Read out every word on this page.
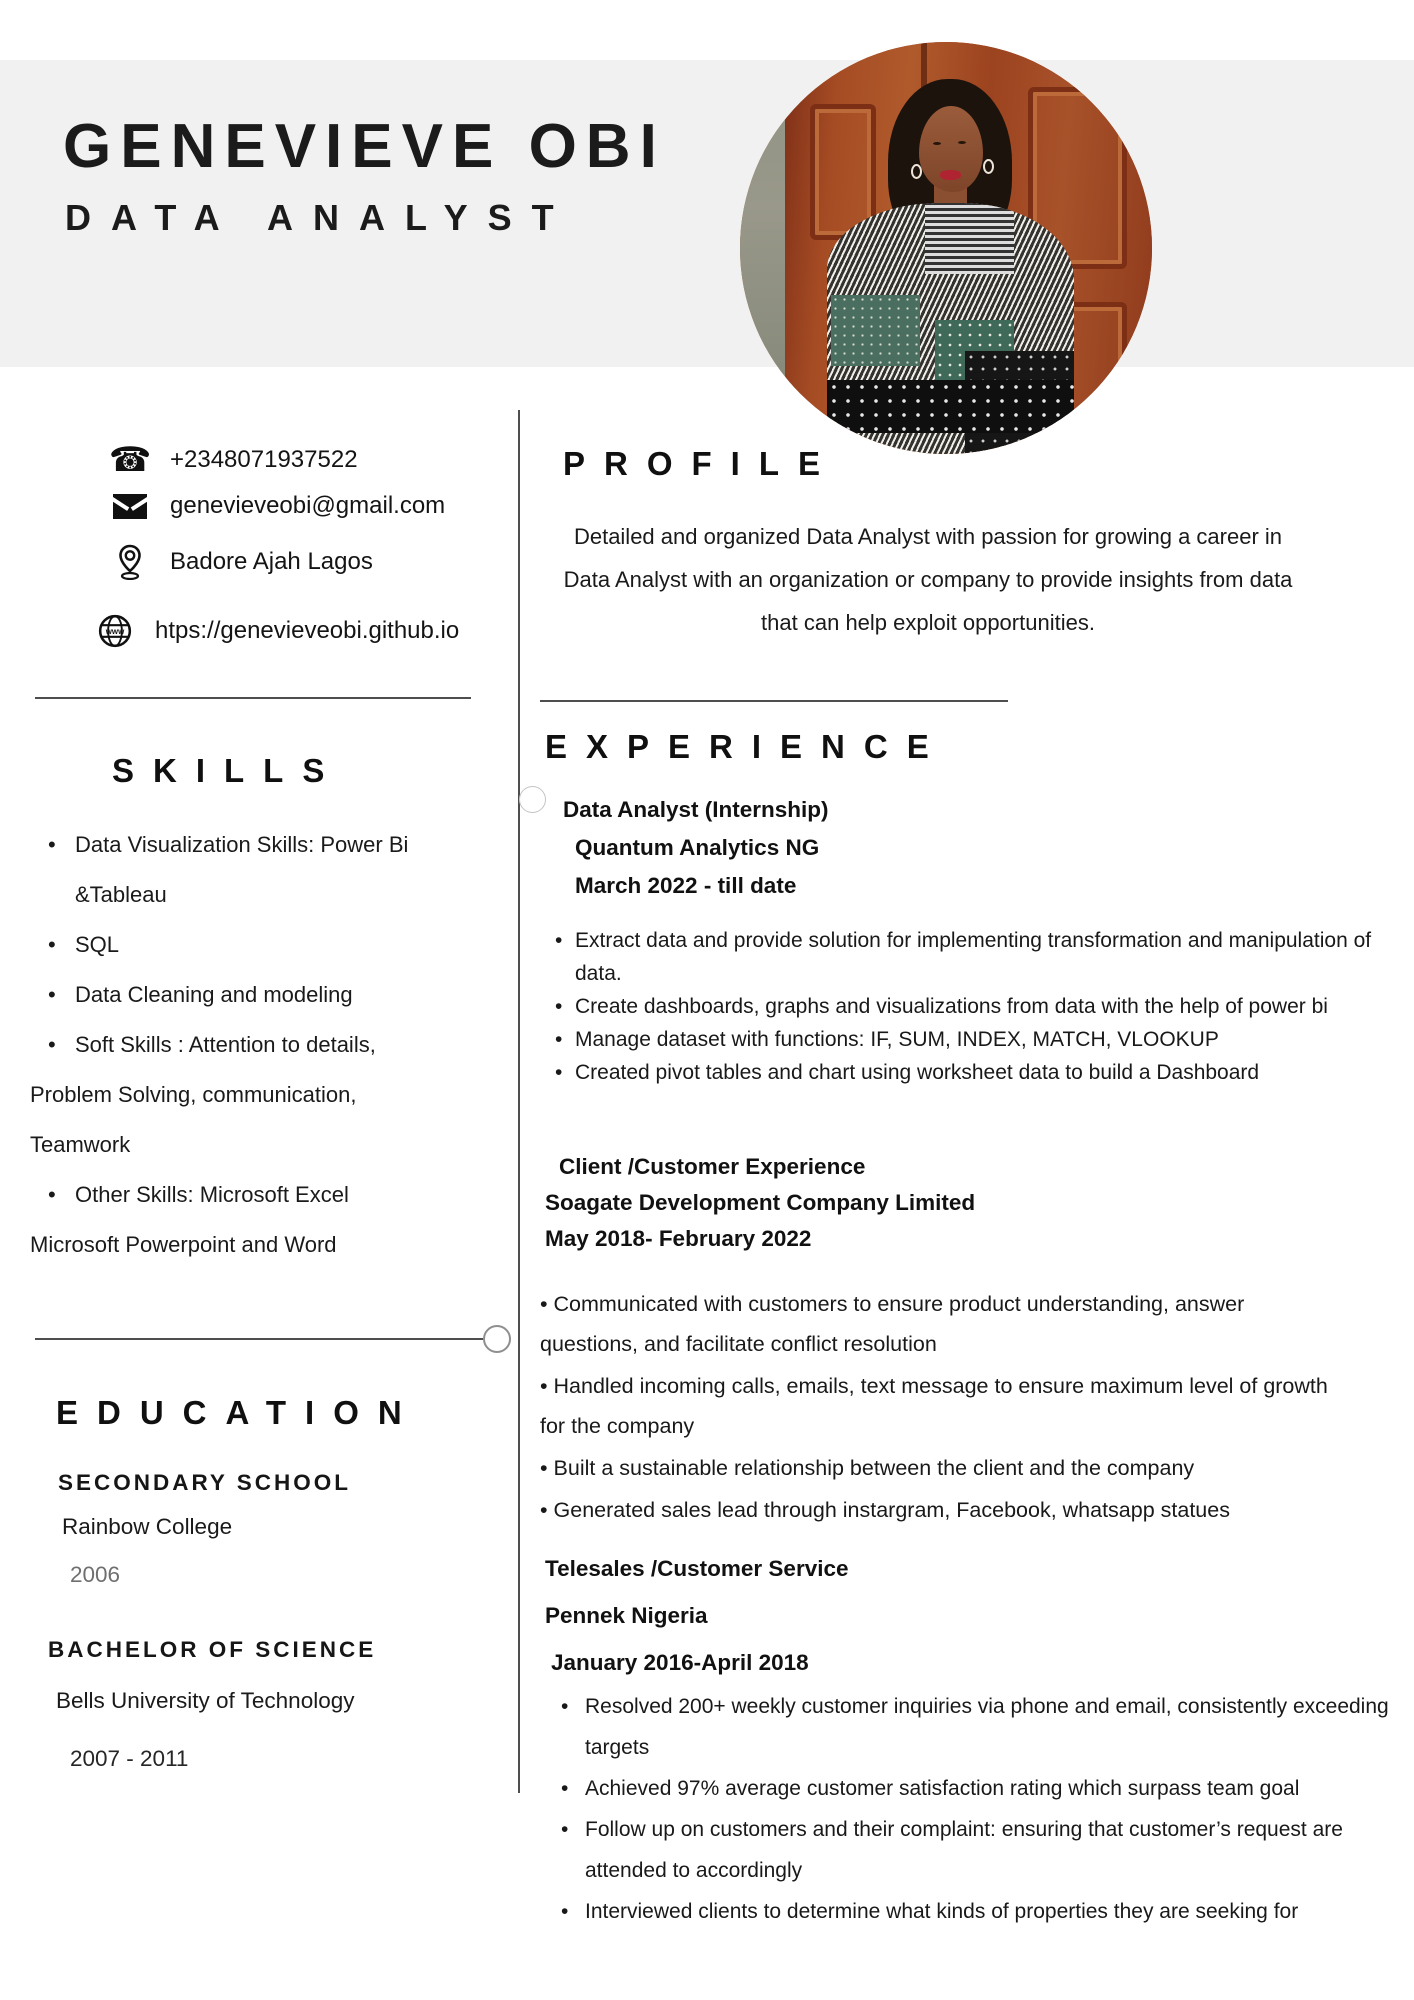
GENEVIEVE OBI
DATA ANALYST
☎ +2348071937522
genevieveobi@gmail.com
Badore Ajah Lagos
www htps://genevieveobi.github.io
PROFILE

Detailed and organized Data Analyst with passion for growing a career in Data Analyst with an organization or company to provide insights from data that can help exploit opportunities.

SKILLS
• Data Visualization Skills: Power Bi
&Tableau
• SQL
• Data Cleaning and modeling
• Soft Skills : Attention to details,
Problem Solving, communication,
Teamwork
• Other Skills: Microsoft Excel
Microsoft Powerpoint and Word
EXPERIENCE
Data Analyst (Internship)
Quantum Analytics NG
March 2022 - till date
• Extract data and provide solution for implementing transformation and manipulation of data.
• Create dashboards, graphs and visualizations from data with the help of power bi
• Manage dataset with functions: IF, SUM, INDEX, MATCH, VLOOKUP
• Created pivot tables and chart using worksheet data to build a Dashboard
Client /Customer Experience
Soagate Development Company Limited
May 2018- February 2022

• Communicated with customers to ensure product understanding, answer questions, and facilitate conflict resolution

• Handled incoming calls, emails, text message to ensure maximum level of growth for the company

• Built a sustainable relationship between the client and the company

• Generated sales lead through instargram, Facebook, whatsapp statues

Telesales /Customer Service
Pennek Nigeria
January 2016-April 2018
• Resolved 200+ weekly customer inquiries via phone and email, consistently exceeding targets
• Achieved 97% average customer satisfaction rating which surpass team goal
• Follow up on customers and their complaint: ensuring that customer’s request are attended to accordingly
• Interviewed clients to determine what kinds of properties they are seeking for
EDUCATION
SECONDARY SCHOOL
Rainbow College
2006
BACHELOR OF SCIENCE
Bells University of Technology
2007 - 2011
